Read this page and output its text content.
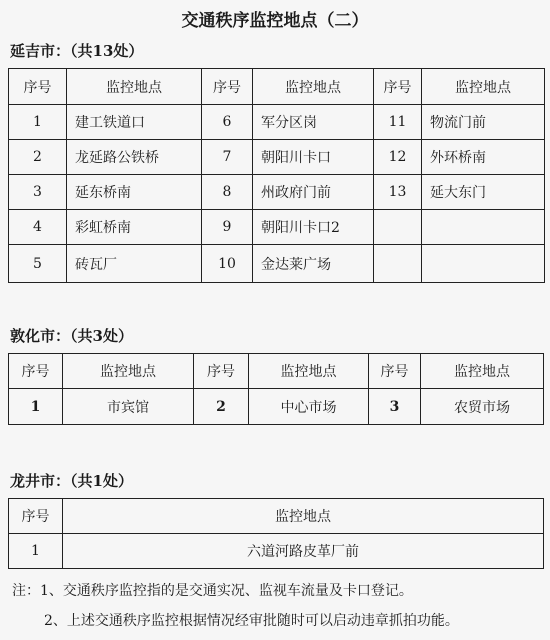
交通秩序监控地点（二）
延吉市：（共13处）
序号	监控地点	序号	监控地点	序号	监控地点
1	建工铁道口	6	军分区岗	11	物流门前
2	龙延路公铁桥	7	朝阳川卡口	12	外环桥南
3	延东桥南	8	州政府门前	13	延大东门
4	彩虹桥南	9	朝阳川卡口2		
5	砖瓦厂	10	金达莱广场		
敦化市：（共3处）
序号	监控地点	序号	监控地点	序号	监控地点
1	市宾馆	2	中心市场	3	农贸市场
龙井市：（共1处）
序号	监控地点
1	六道河路皮革厂前
注：1、交通秩序监控指的是交通实况、监视车流量及卡口登记。
2、上述交通秩序监控根据情况经审批随时可以启动违章抓拍功能。
